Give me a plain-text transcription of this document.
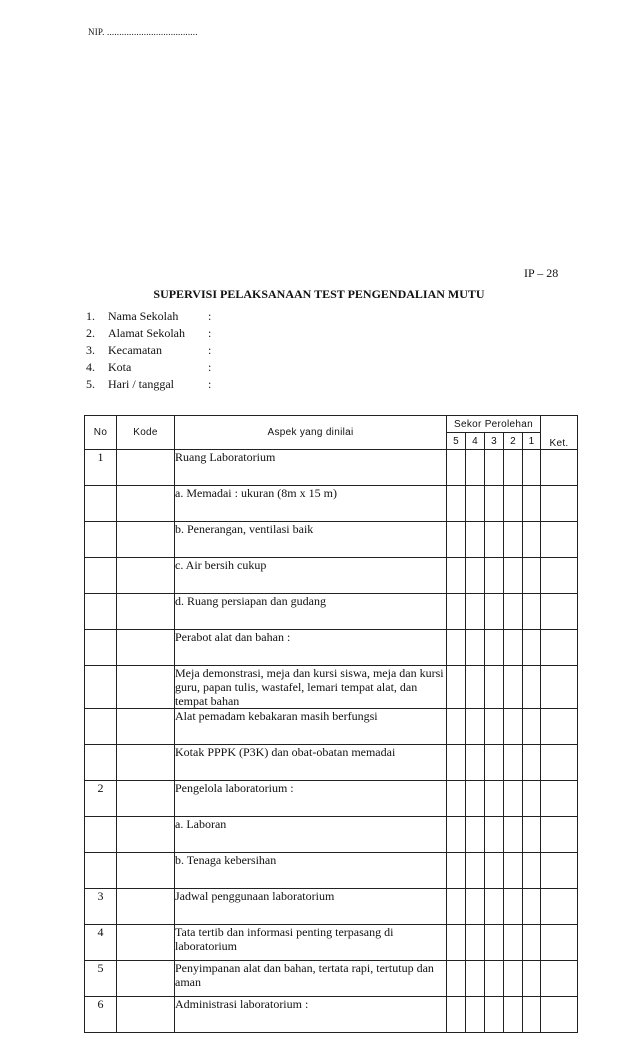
NIP. .....................................
IP – 28
SUPERVISI PELAKSANAAN TEST PENGENDALIAN MUTU
1.	Nama Sekolah	:
2.	Alamat Sekolah	:
3.	Kecamatan	:
4.	Kota	:
5.	Hari / tanggal	:
No	Kode	Aspek yang dinilai	Sekor Perolehan					Ket.
			5	4	3	2	1	
1		Ruang Laboratorium						
		a. Memadai : ukuran (8m x 15 m)						
		b. Penerangan, ventilasi baik						
		c. Air bersih cukup						
		d. Ruang persiapan dan gudang						
		Perabot alat dan bahan :						
		Meja demonstrasi, meja dan kursi siswa, meja dan kursi guru, papan tulis, wastafel, lemari tempat alat, dan tempat bahan						
		Alat pemadam kebakaran masih berfungsi						
		Kotak PPPK (P3K) dan obat-obatan memadai						
2		Pengelola laboratorium :						
		a. Laboran						
		b. Tenaga kebersihan						
3		Jadwal penggunaan laboratorium						
4		Tata tertib dan informasi penting terpasang di laboratorium						
5		Penyimpanan alat dan bahan, tertata rapi, tertutup dan aman						
6		Administrasi laboratorium :						
